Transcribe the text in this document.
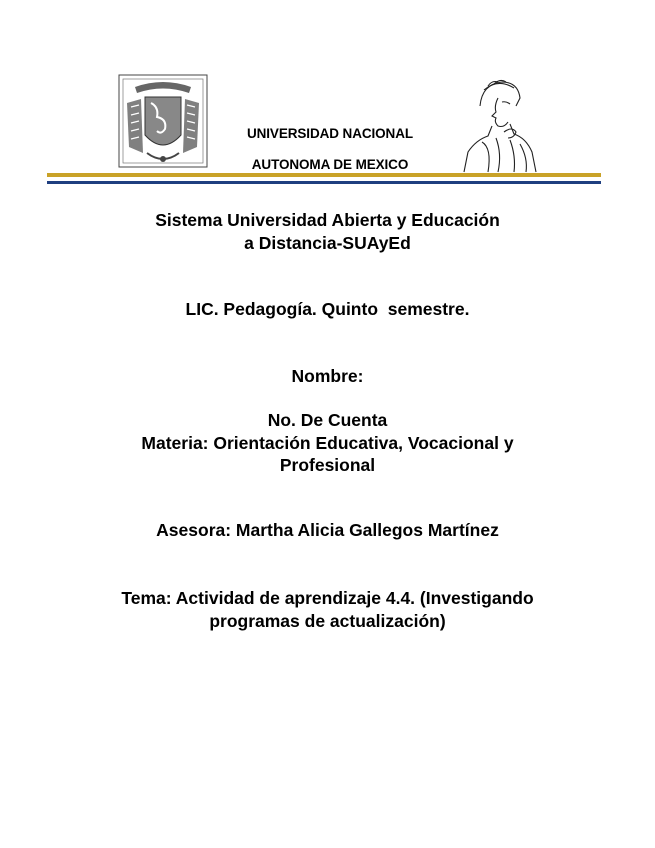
UNIVERSIDAD NACIONAL
AUTONOMA DE MEXICO
Sistema Universidad Abierta y Educación
a Distancia-SUAyEd
LIC. Pedagogía. Quinto  semestre.
Nombre:
No. De Cuenta
Materia: Orientación Educativa, Vocacional y
Profesional
Asesora: Martha Alicia Gallegos Martínez
Tema: Actividad de aprendizaje 4.4. (Investigando
programas de actualización)
